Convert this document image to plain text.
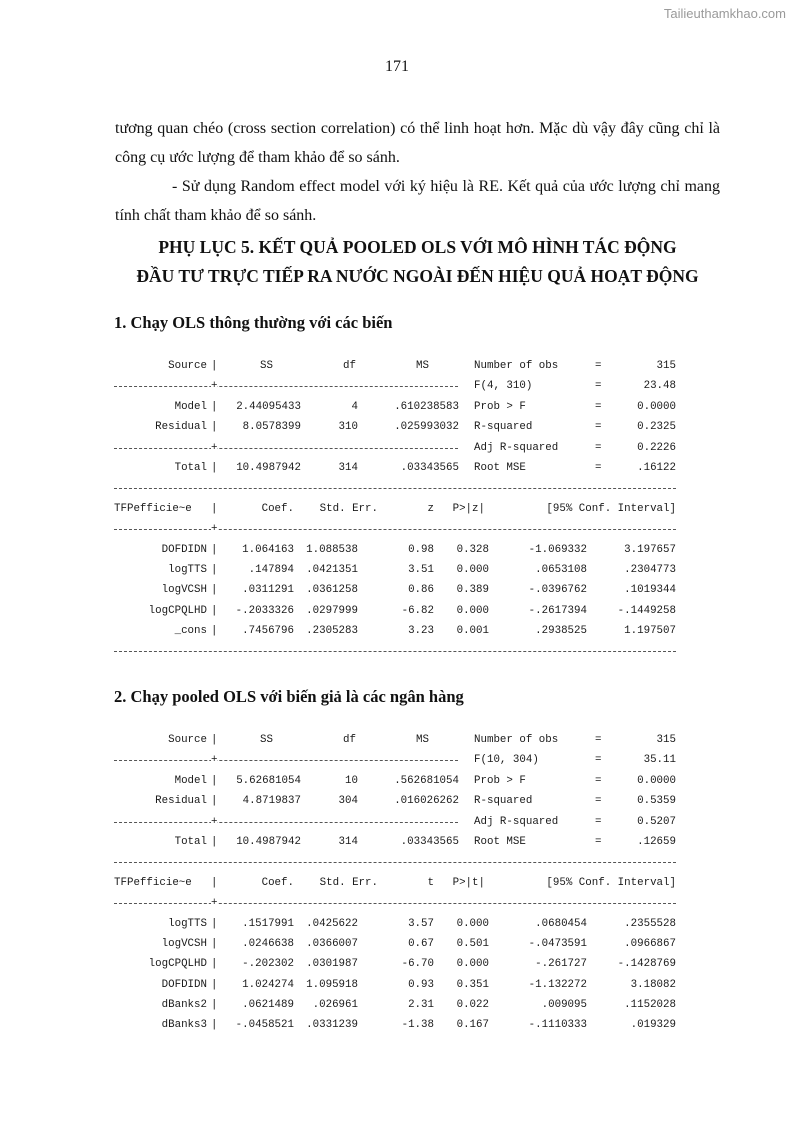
Tailieuthamkhao.com
171

tương quan chéo (cross section correlation) có thể linh hoạt hơn. Mặc dù vậy đây cũng chỉ là công cụ ước lượng để tham khảo để so sánh.

- Sử dụng Random effect model với ký hiệu là RE. Kết quả của ước lượng chỉ mang tính chất tham khảo để so sánh.

PHỤ LỤC 5. KẾT QUẢ POOLED OLS VỚI MÔ HÌNH TÁC ĐỘNG
ĐẦU TƯ TRỰC TIẾP RA NƯỚC NGOÀI ĐẾN HIỆU QUẢ HOẠT ĐỘNG
1. Chạy OLS thông thường với các biến
Source |	SS	df	MS	Number of obs	=	315
+	F(4, 310)	=	23.48
Model | 2.44095433	4	.610238583 Prob > F	=	0.0000
Residual | 8.0578399	310	.025993032 R-squared	=	0.2325
+	Adj R-squared	=	0.2226
Total | 10.4987942	314	.03343565 Root MSE	=	.16122
TFPefficie~e |	Coef. Std. Err.	z P>|z|	[95% Conf. Interval]
+
DOFDIDN | 1.064163 1.088538	0.98 0.328	-1.069332	3.197657
logTTS |	.147894 .0421351	3.51 0.000	.0653108	.2304773
logVCSH | .0311291 .0361258	0.86 0.389	-.0396762	.1019344
logCPQLHD | -.2033326 .0297999	-6.82 0.000	-.2617394	-.1449258
_cons | .7456796 .2305283	3.23 0.001	.2938525	1.197507
2. Chạy pooled OLS với biến giả là các ngân hàng
Source |	SS	df	MS	Number of obs	=	315
+	F(10, 304)	=	35.11
Model | 5.62681054	10	.562681054 Prob > F	=	0.0000
Residual | 4.8719837	304	.016026262 R-squared	=	0.5359
+	Adj R-squared	=	0.5207
Total | 10.4987942	314	.03343565 Root MSE	=	.12659
TFPefficie~e |	Coef. Std. Err.	t P>|t|	[95% Conf. Interval]
+
logTTS | .1517991 .0425622	3.57 0.000	.0680454	.2355528
logVCSH | .0246638 .0366007	0.67 0.501	-.0473591	.0966867
logCPQLHD | -.202302 .0301987	-6.70 0.000	-.261727	-.1428769
DOFDIDN | 1.024274 1.095918	0.93 0.351	-1.132272	3.18082
dBanks2 | .0621489 .026961	2.31 0.022	.009095	.1152028
dBanks3 | -.0458521 .0331239	-1.38 0.167	-.1110333	.019329
